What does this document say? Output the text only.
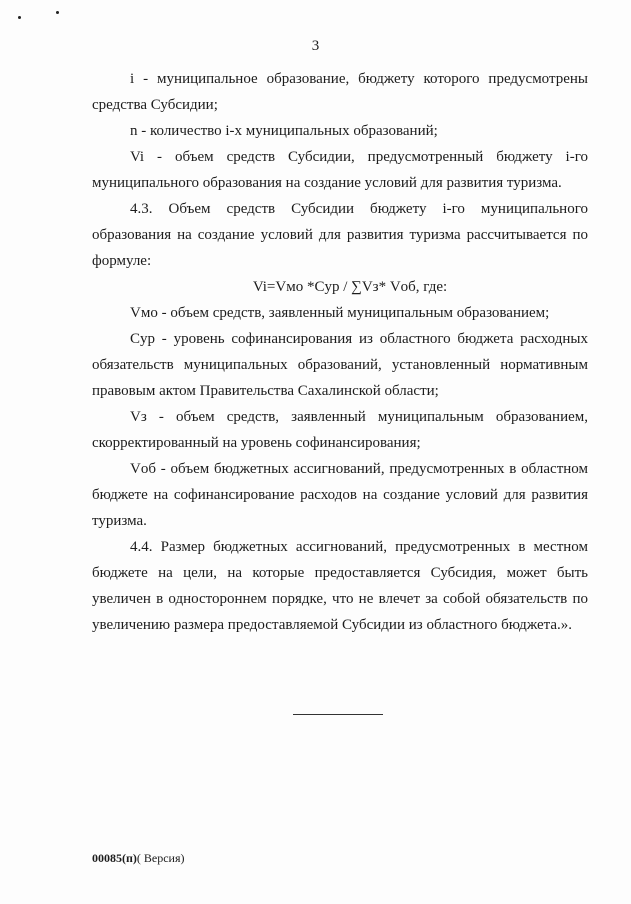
3

i - муниципальное образование, бюджету которого предусмотрены средства Субсидии;

n - количество i-х муниципальных образований;

Vi - объем средств Субсидии, предусмотренный бюджету i-го муниципального образования на создание условий для развития туризма.

4.3. Объем средств Субсидии бюджету i-го муниципального образования на создание условий для развития туризма рассчитывается по формуле:

Vi=Vмо *Cур / ∑Vз* Vоб, где:

Vмо - объем средств, заявленный муниципальным образованием;

Cур - уровень софинансирования из областного бюджета расходных обязательств муниципальных образований, установленный нормативным правовым актом Правительства Сахалинской области;

Vз - объем средств, заявленный муниципальным образованием, скорректированный на уровень софинансирования;

Vоб - объем бюджетных ассигнований, предусмотренных в областном бюджете на софинансирование расходов на создание условий для развития туризма.

4.4. Размер бюджетных ассигнований, предусмотренных в местном бюджете на цели, на которые предоставляется Субсидия, может быть увеличен в одностороннем порядке, что не влечет за собой обязательств по увеличению размера предоставляемой Субсидии из областного бюджета.».

00085(п)( Версия)
